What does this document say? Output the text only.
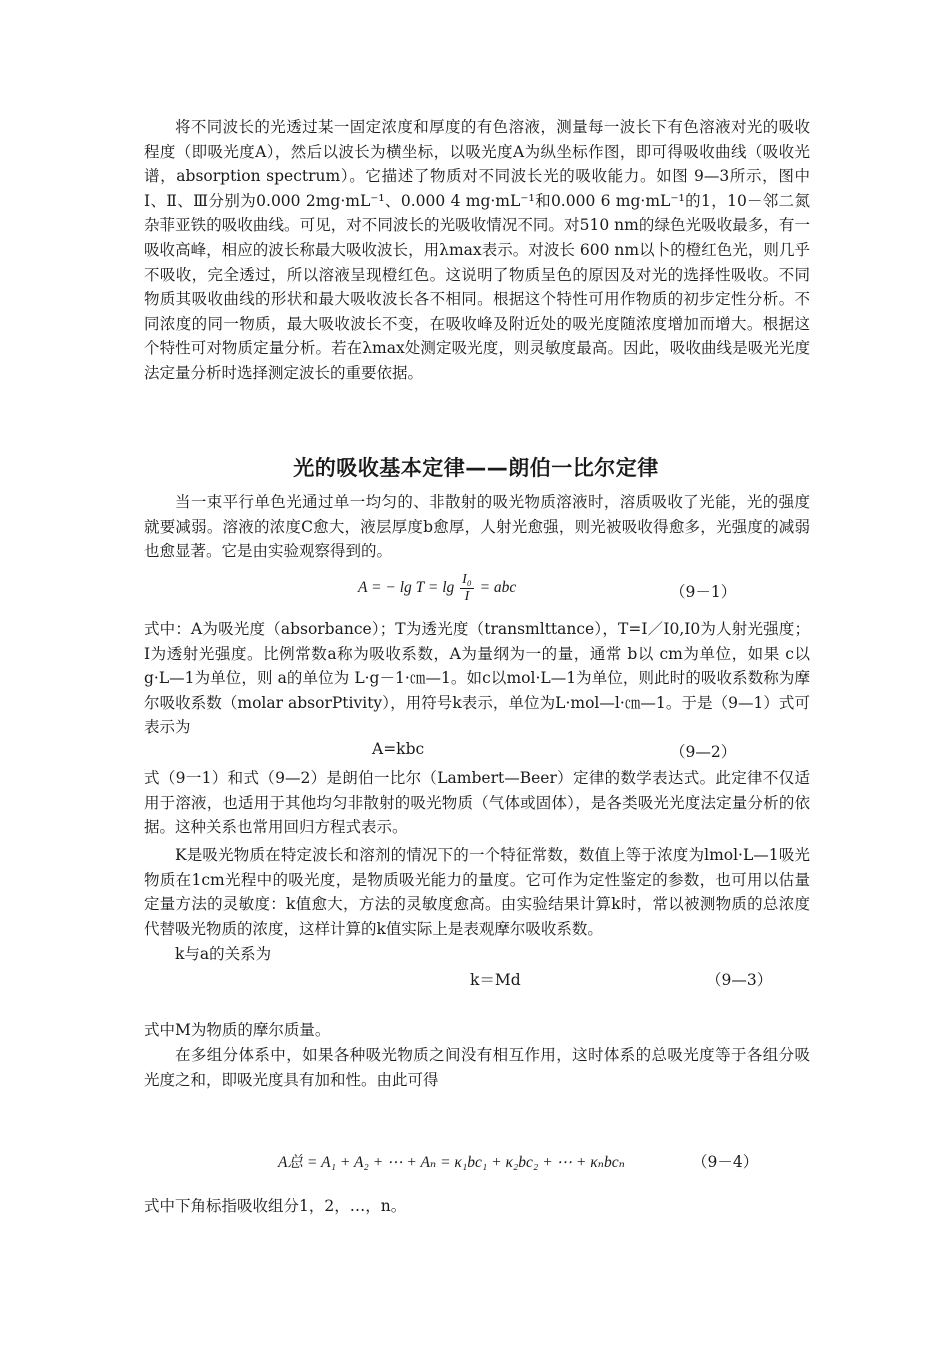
将不同波长的光透过某一固定浓度和厚度的有色溶液，测量每一波长下有色溶液对光的吸收程度（即吸光度A），然后以波长为横坐标，以吸光度A为纵坐标作图，即可得吸收曲线（吸收光谱，absorption spectrum）。它描述了物质对不同波长光的吸收能力。如图 9—3所示，图中Ⅰ、Ⅱ、Ⅲ分别为0.000 2mg·mL⁻¹、0.000 4 mg·mL⁻¹和0.000 6 mg·mL⁻¹的1，10－邻二氮杂菲亚铁的吸收曲线。可见，对不同波长的光吸收情况不同。对510 nm的绿色光吸收最多，有一吸收高峰，相应的波长称最大吸收波长，用λmax表示。对波长 600 nm以卜的橙红色光，则几乎不吸收，完全透过，所以溶液呈现橙红色。这说明了物质呈色的原因及对光的选择性吸收。不同物质其吸收曲线的形状和最大吸收波长各不相同。根据这个特性可用作物质的初步定性分析。不同浓度的同一物质，最大吸收波长不变，在吸收峰及附近处的吸光度随浓度增加而增大。根据这个特性可对物质定量分析。若在λmax处测定吸光度，则灵敏度最高。因此，吸收曲线是吸光光度法定量分析时选择测定波长的重要依据。

光的吸收基本定律——朗伯一比尔定律

当一束平行单色光通过单一均匀的、非散射的吸光物质溶液时，溶质吸收了光能，光的强度就要减弱。溶液的浓度C愈大，液层厚度b愈厚，人射光愈强，则光被吸收得愈多，光强度的减弱也愈显著。它是由实验观察得到的。

A = − $\lg T = \lg \frac{\text{I₀}}{I}$ = abc	（9－1）

式中：A为吸光度（absorbance）；T为透光度（transmlttance），T=I／I0,I0为人射光强度；I为透射光强度。比例常数a称为吸收系数，A为量纲为一的量，通常 b以 cm为单位，如果 c以 g·L—1为单位，则 a的单位为 L·g－1·㎝—1。如c以mol·L—1为单位，则此时的吸收系数称为摩尔吸收系数（molar absorPtivity），用符号k表示，单位为L·mol—l·㎝—1。于是（9—1）式可表示为

A=kbc	（9—2）

式（9一1）和式（9—2）是朗伯一比尔（Lambert—Beer）定律的数学表达式。此定律不仅适用于溶液，也适用于其他均匀非散射的吸光物质（气体或固体），是各类吸光光度法定量分析的依据。这种关系也常用回归方程式表示。

K是吸光物质在特定波长和溶剂的情况下的一个特征常数，数值上等于浓度为lmol·L—1吸光物质在1cm光程中的吸光度，是物质吸光能力的量度。它可作为定性鉴定的参数，也可用以估量定量方法的灵敏度：k值愈大，方法的灵敏度愈高。由实验结果计算k时，常以被测物质的总浓度代替吸光物质的浓度，这样计算的k值实际上是表观摩尔吸收系数。

k与a的关系为

k＝Md	（9—3）

式中M为物质的摩尔质量。

在多组分体系中，如果各种吸光物质之间没有相互作用，这时体系的总吸光度等于各组分吸光度之和，即吸光度具有加和性。由此可得

A总 = A₁ + A₂ + ⋯ + Aₙ = κ₁bc₁ + κ₂bc₂ + ⋯ + κₙbcₙ	（9－4）

式中下角标指吸收组分1，2，…，n。
